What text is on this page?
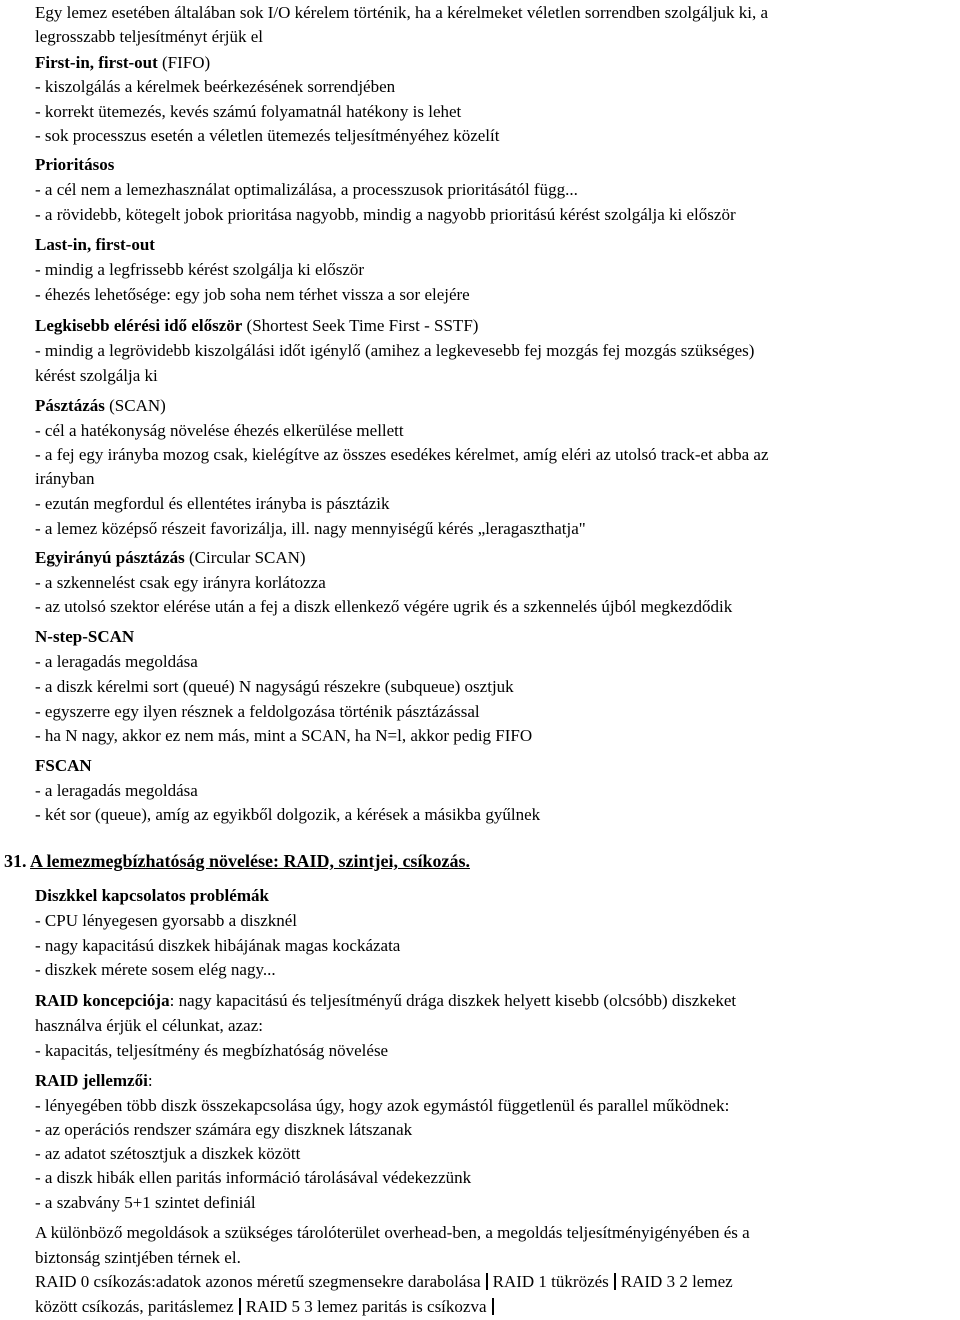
Egy lemez esetében általában sok I/O kérelem történik, ha a kérelmeket véletlen sorrendben szolgáljuk ki, a
legrosszabb teljesítményt érjük el
First-in, first-out (FIFO)
- kiszolgálás a kérelmek beérkezésének sorrendjében
- korrekt ütemezés, kevés számú folyamatnál hatékony is lehet
- sok processzus esetén a véletlen ütemezés teljesítményéhez közelít
Prioritásos
- a cél nem a lemezhasználat optimalizálása, a processzusok prioritásától függ...
- a rövidebb, kötegelt jobok prioritása nagyobb, mindig a nagyobb prioritású kérést szolgálja ki először
Last-in, first-out
- mindig a legfrissebb kérést szolgálja ki először
- éhezés lehetősége: egy job soha nem térhet vissza a sor elejére
Legkisebb elérési idő először (Shortest Seek Time First - SSTF)
- mindig a legrövidebb kiszolgálási időt igénylő (amihez a legkevesebb fej mozgás fej mozgás szükséges)
kérést szolgálja ki
Pásztázás (SCAN)
- cél a hatékonyság növelése éhezés elkerülése mellett
- a fej egy irányba mozog csak, kielégítve az összes esedékes kérelmet, amíg eléri az utolsó track-et abba az
irányban
- ezután megfordul és ellentétes irányba is pásztázik
- a lemez középső részeit favorizálja, ill. nagy mennyiségű kérés „leragaszthatja"
Egyirányú pásztázás (Circular SCAN)
- a szkennelést csak egy irányra korlátozza
- az utolsó szektor elérése után a fej a diszk ellenkező végére ugrik és a szkennelés újból megkezdődik
N-step-SCAN
- a leragadás megoldása
- a diszk kérelmi sort (queué) N nagyságú részekre (subqueue) osztjuk
- egyszerre egy ilyen résznek a feldolgozása történik pásztázással
- ha N nagy, akkor ez nem más, mint a SCAN, ha N=l, akkor pedig FIFO
FSCAN
- a leragadás megoldása
- két sor (queue), amíg az egyikből dolgozik, a kérések a másikba gyűlnek
31. A lemezmegbízhatóság növelése: RAID, szintjei, csíkozás.
Diszkkel kapcsolatos problémák
- CPU lényegesen gyorsabb a diszknél
- nagy kapacitású diszkek hibájának magas kockázata
- diszkek mérete sosem elég nagy...
RAID koncepciója: nagy kapacitású és teljesítményű drága diszkek helyett kisebb (olcsóbb) diszkeket
használva érjük el célunkat, azaz:
- kapacitás, teljesítmény és megbízhatóság növelése
RAID jellemzői:
- lényegében több diszk összekapcsolása úgy, hogy azok egymástól függetlenül és parallel működnek:
- az operációs rendszer számára egy diszknek látszanak
- az adatot szétosztjuk a diszkek között
- a diszk hibák ellen paritás információ tárolásával védekezzünk
- a szabvány 5+1 szintet definiál
A különböző megoldások a szükséges tárolóterület overhead-ben, a megoldás teljesítményigényében és a
biztonság szintjében térnek el.
RAID 0 csíkozás:adatok azonos méretű szegmensekre darabolása RAID 1 tükrözés RAID 3 2 lemez
között csíkozás, paritáslemez RAID 5 3 lemez paritás is csíkozva
